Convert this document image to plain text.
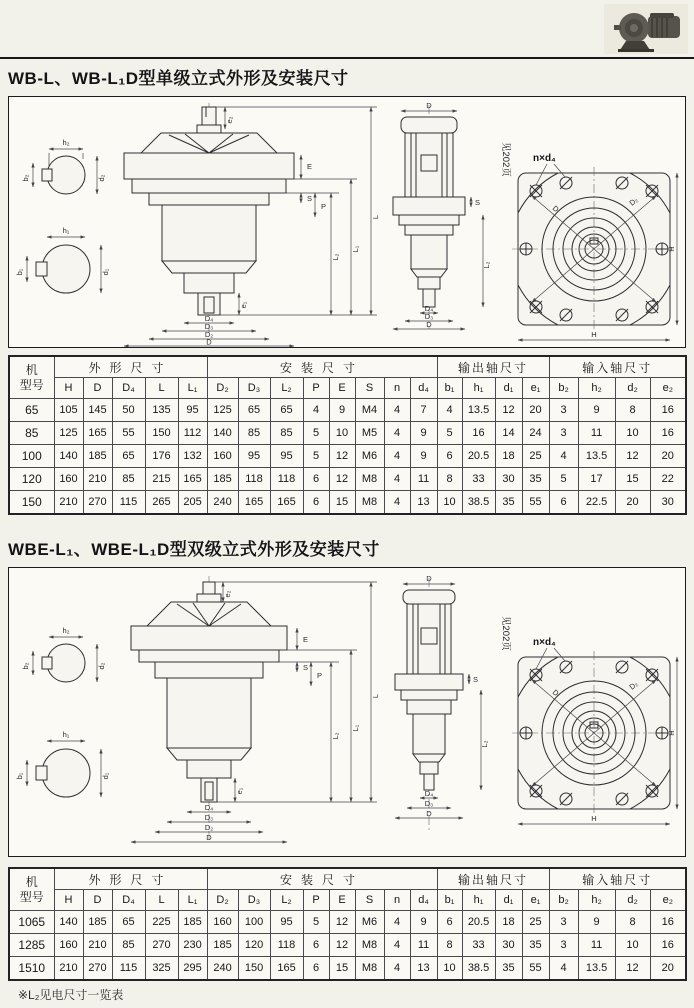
WB-L、WB-L₁D型单级立式外形及安装尺寸
h₂
b₂	d₂
h₁
b₁	d₁
e₂
e₁
E
S
P
L₂
L₁
L
D₄
D₃
D₂
D
D
D₄
D₃
D
S
L₂
见202页
D
D₂
n×d₄
H
H
机
型号	外形尺寸					安装尺寸								输出轴尺寸				输入轴尺寸			
	H	D	D₄	L	L₁	D₂	D₃	L₂	P	E	S	n	d₄	b₁	h₁	d₁	e₁	b₂	h₂	d₂	e₂
65	105	145	50	135	95	125	65	65	4	9	M4	4	7	4	13.5	12	20	3	9	8	16
85	125	165	55	150	112	140	85	85	5	10	M5	4	9	5	16	14	24	3	11	10	16
100	140	185	65	176	132	160	95	95	5	12	M6	4	9	6	20.5	18	25	4	13.5	12	20
120	160	210	85	215	165	185	118	118	6	12	M8	4	11	8	33	30	35	5	17	15	22
150	210	270	115	265	205	240	165	165	6	15	M8	4	13	10	38.5	35	55	6	22.5	20	30
WBE-L₁、WBE-L₁D型双级立式外形及安装尺寸
h₂
b₂	d₂
h₁
b₁	d₁
e₂
e₁
E
S
P
L₂
L₁
L
D₄
D₃
D₂
D
D
D₄
D₃
D
S
L₂
见202页
D
D₂
n×d₄
H
H
机
型号	外形尺寸					安装尺寸								输出轴尺寸				输入轴尺寸			
	H	D	D₄	L	L₁	D₂	D₃	L₂	P	E	S	n	d₄	b₁	h₁	d₁	e₁	b₂	h₂	d₂	e₂
1065	140	185	65	225	185	160	100	95	5	12	M6	4	9	6	20.5	18	25	3	9	8	16
1285	160	210	85	270	230	185	120	118	6	12	M8	4	11	8	33	30	35	3	11	10	16
1510	210	270	115	325	295	240	150	165	6	15	M8	4	13	10	38.5	35	55	4	13.5	12	20
※L₂见电尺寸一览表
